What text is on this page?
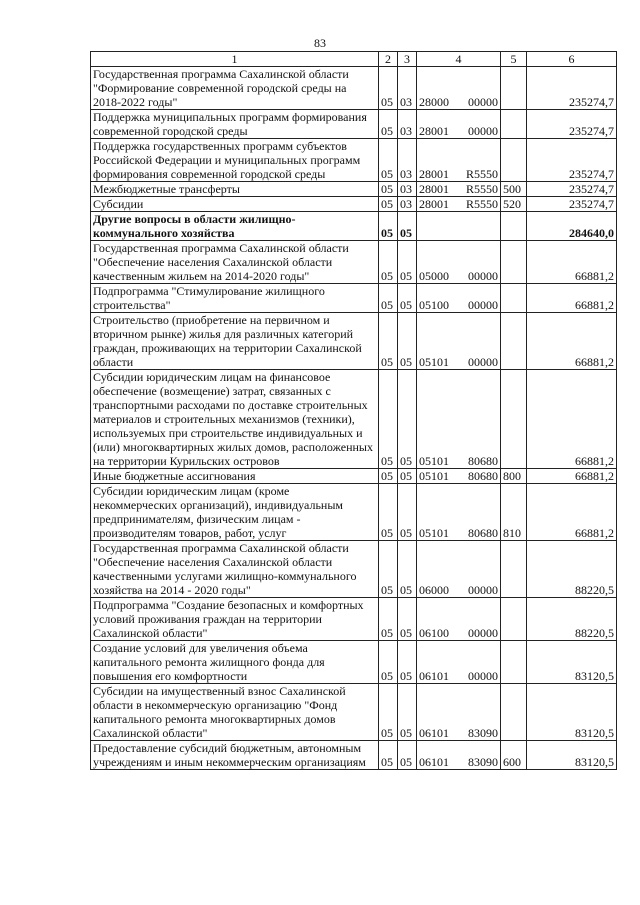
83
1	2	3	4	5	6
Государственная программа Сахалинской области "Формирование современной городской среды на 2018-2022 годы"	05	03	28000 00000		235274,7
Поддержка муниципальных программ формирования современной городской среды	05	03	28001 00000		235274,7
Поддержка государственных программ субъектов Российской Федерации и муниципальных программ формирования современной городской среды	05	03	28001 R5550		235274,7
Межбюджетные трансферты	05	03	28001 R5550	500	235274,7
Субсидии	05	03	28001 R5550	520	235274,7
Другие вопросы в области жилищно-коммунального хозяйства	05	05			284640,0
Государственная программа Сахалинской области "Обеспечение населения Сахалинской области качественным жильем на 2014-2020 годы"	05	05	05000 00000		66881,2
Подпрограмма "Стимулирование жилищного строительства"	05	05	05100 00000		66881,2
Строительство (приобретение на первичном и вторичном рынке) жилья для различных категорий граждан, проживающих на территории Сахалинской области	05	05	05101 00000		66881,2
Субсидии юридическим лицам на финансовое обеспечение (возмещение) затрат, связанных с транспортными расходами по доставке строительных материалов и строительных механизмов (техники), используемых при строительстве индивидуальных и (или) многоквартирных жилых домов, расположенных на территории Курильских островов	05	05	05101 80680		66881,2
Иные бюджетные ассигнования	05	05	05101 80680	800	66881,2
Субсидии юридическим лицам (кроме некоммерческих организаций), индивидуальным предпринимателям, физическим лицам - производителям товаров, работ, услуг	05	05	05101 80680	810	66881,2
Государственная программа Сахалинской области "Обеспечение населения Сахалинской области качественными услугами жилищно-коммунального хозяйства на 2014 - 2020 годы"	05	05	06000 00000		88220,5
Подпрограмма "Создание безопасных и комфортных условий проживания граждан на территории Сахалинской области"	05	05	06100 00000		88220,5
Создание условий для увеличения объема капитального ремонта жилищного фонда для повышения его комфортности	05	05	06101 00000		83120,5
Субсидии на имущественный взнос Сахалинской области в некоммерческую организацию "Фонд капитального ремонта многоквартирных домов Сахалинской области"	05	05	06101 83090		83120,5
Предоставление субсидий бюджетным, автономным учреждениям и иным некоммерческим организациям	05	05	06101 83090	600	83120,5
